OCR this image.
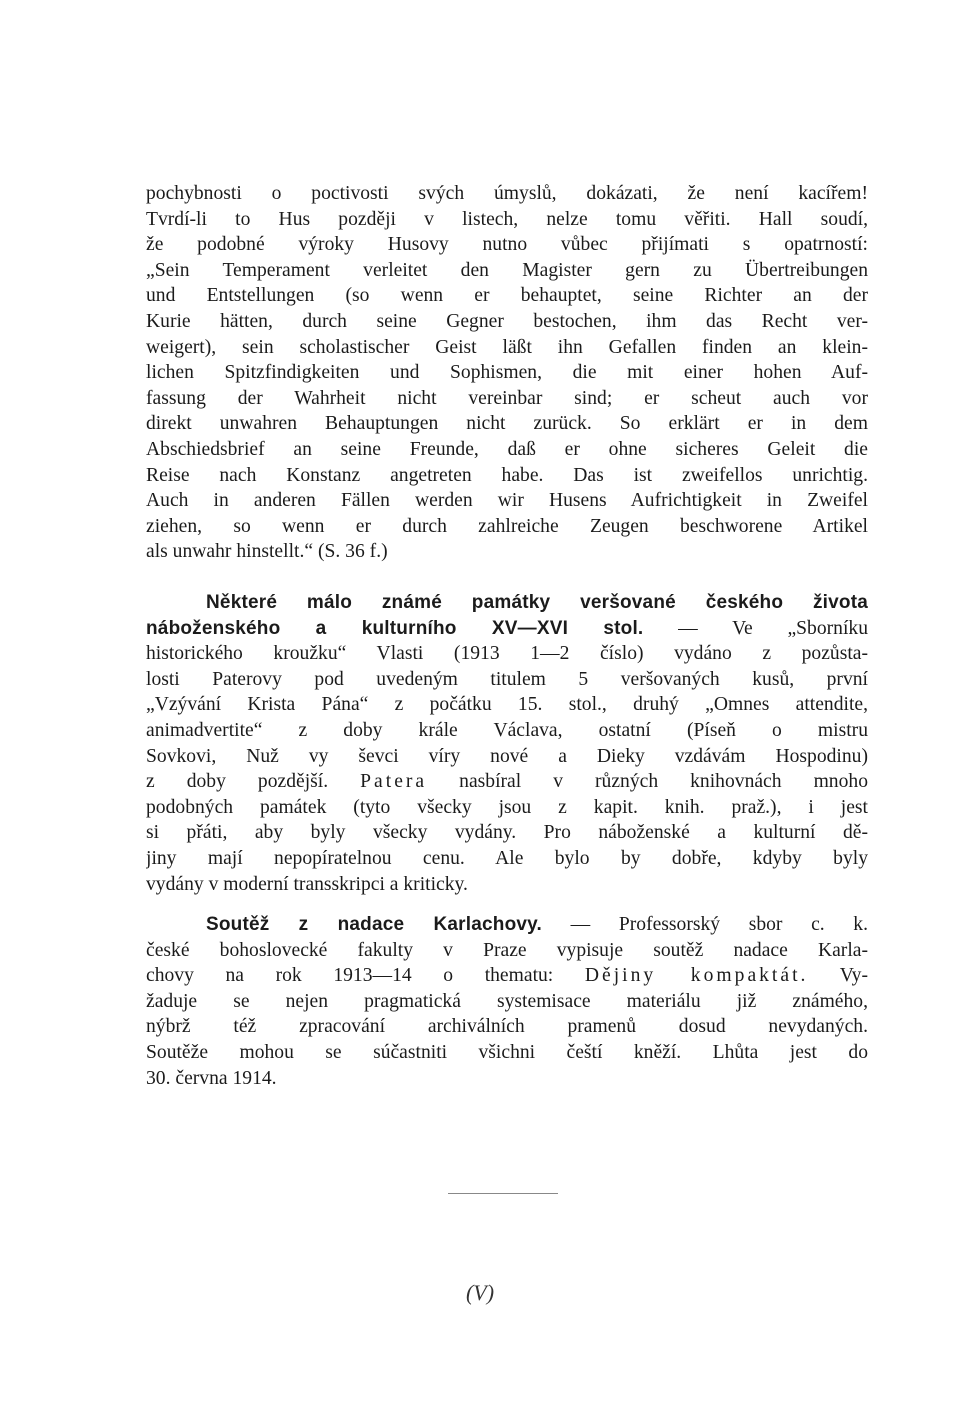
pochybnosti o poctivosti svých úmyslů, dokázati, že není kacířem!
Tvrdí-li to Hus později v listech, nelze tomu věřiti. Hall soudí,
že podobné výroky Husovy nutno vůbec přijímati s opatrností:
„Sein Temperament verleitet den Magister gern zu Übertreibungen
und Entstellungen (so wenn er behauptet, seine Richter an der
Kurie hätten, durch seine Gegner bestochen, ihm das Recht ver-
weigert), sein scholastischer Geist läßt ihn Gefallen finden an klein-
lichen Spitzfindigkeiten und Sophismen, die mit einer hohen Auf-
fassung der Wahrheit nicht vereinbar sind; er scheut auch vor
direkt unwahren Behauptungen nicht zurück. So erklärt er in dem
Abschiedsbrief an seine Freunde, daß er ohne sicheres Geleit die
Reise nach Konstanz angetreten habe. Das ist zweifellos unrichtig.
Auch in anderen Fällen werden wir Husens Aufrichtigkeit in Zweifel
ziehen, so wenn er durch zahlreiche Zeugen beschworene Artikel
als unwahr hinstellt.“ (S. 36 f.)
Některé málo známé památky veršované českého života
náboženského a kulturního XV—XVI stol. — Ve „Sborníku
historického kroužku“ Vlasti (1913 1—2 číslo) vydáno z pozůsta-
losti Paterovy pod uvedeným titulem 5 veršovaných kusů, první
„Vzývání Krista Pána“ z počátku 15. stol., druhý „Omnes attendite,
animadvertite“ z doby krále Václava, ostatní (Píseň o mistru
Sovkovi, Nuž vy ševci víry nové a Dieky vzdávám Hospodinu)
z doby pozdější. Patera nasbíral v různých knihovnách mnoho
podobných památek (tyto všecky jsou z kapit. knih. praž.), i jest
si přáti, aby byly všecky vydány. Pro náboženské a kulturní dě-
jiny mají nepopíratelnou cenu. Ale bylo by dobře, kdyby byly
vydány v moderní transskripci a kriticky.
Soutěž z nadace Karlachovy. — Professorský sbor c. k.
české bohoslovecké fakulty v Praze vypisuje soutěž nadace Karla-
chovy na rok 1913—14 o thematu: Dějiny kompaktát. Vy-
žaduje se nejen pragmatická systemisace materiálu již známého,
nýbrž též zpracování archiválních pramenů dosud nevydaných.
Soutěže mohou se súčastniti všichni čeští kněží. Lhůta jest do
30. června 1914.
(V)
